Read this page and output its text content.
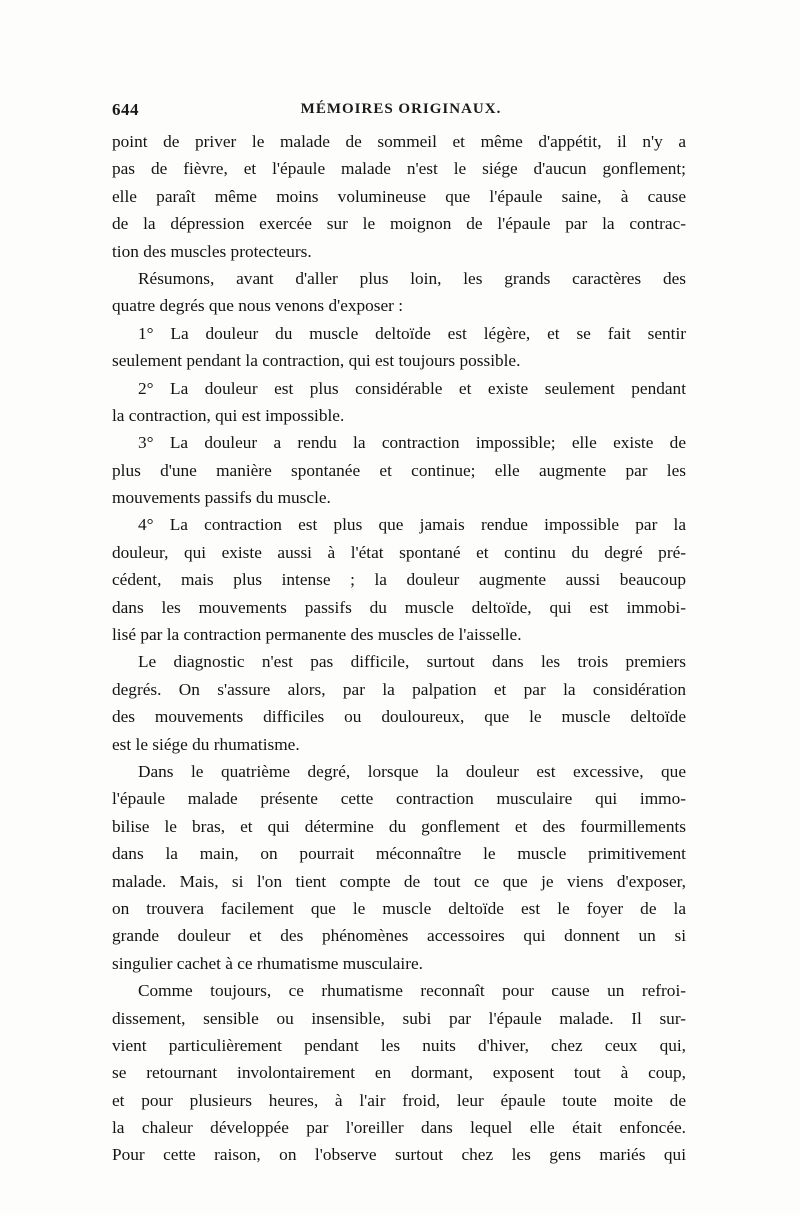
644	MÉMOIRES ORIGINAUX.
point de priver le malade de sommeil et même d'appétit, il n'y a
pas de fièvre, et l'épaule malade n'est le siége d'aucun gonflement;
elle paraît même moins volumineuse que l'épaule saine, à cause
de la dépression exercée sur le moignon de l'épaule par la contrac-
tion des muscles protecteurs.
Résumons, avant d'aller plus loin, les grands caractères des
quatre degrés que nous venons d'exposer :
1° La douleur du muscle deltoïde est légère, et se fait sentir
seulement pendant la contraction, qui est toujours possible.
2° La douleur est plus considérable et existe seulement pendant
la contraction, qui est impossible.
3° La douleur a rendu la contraction impossible; elle existe de
plus d'une manière spontanée et continue; elle augmente par les
mouvements passifs du muscle.
4° La contraction est plus que jamais rendue impossible par la
douleur, qui existe aussi à l'état spontané et continu du degré pré-
cédent, mais plus intense ; la douleur augmente aussi beaucoup
dans les mouvements passifs du muscle deltoïde, qui est immobi-
lisé par la contraction permanente des muscles de l'aisselle.
Le diagnostic n'est pas difficile, surtout dans les trois premiers
degrés. On s'assure alors, par la palpation et par la considération
des mouvements difficiles ou douloureux, que le muscle deltoïde
est le siége du rhumatisme.
Dans le quatrième degré, lorsque la douleur est excessive, que
l'épaule malade présente cette contraction musculaire qui immo-
bilise le bras, et qui détermine du gonflement et des fourmillements
dans la main, on pourrait méconnaître le muscle primitivement
malade. Mais, si l'on tient compte de tout ce que je viens d'exposer,
on trouvera facilement que le muscle deltoïde est le foyer de la
grande douleur et des phénomènes accessoires qui donnent un si
singulier cachet à ce rhumatisme musculaire.
Comme toujours, ce rhumatisme reconnaît pour cause un refroi-
dissement, sensible ou insensible, subi par l'épaule malade. Il sur-
vient particulièrement pendant les nuits d'hiver, chez ceux qui,
se retournant involontairement en dormant, exposent tout à coup,
et pour plusieurs heures, à l'air froid, leur épaule toute moite de
la chaleur développée par l'oreiller dans lequel elle était enfoncée.
Pour cette raison, on l'observe surtout chez les gens mariés qui
